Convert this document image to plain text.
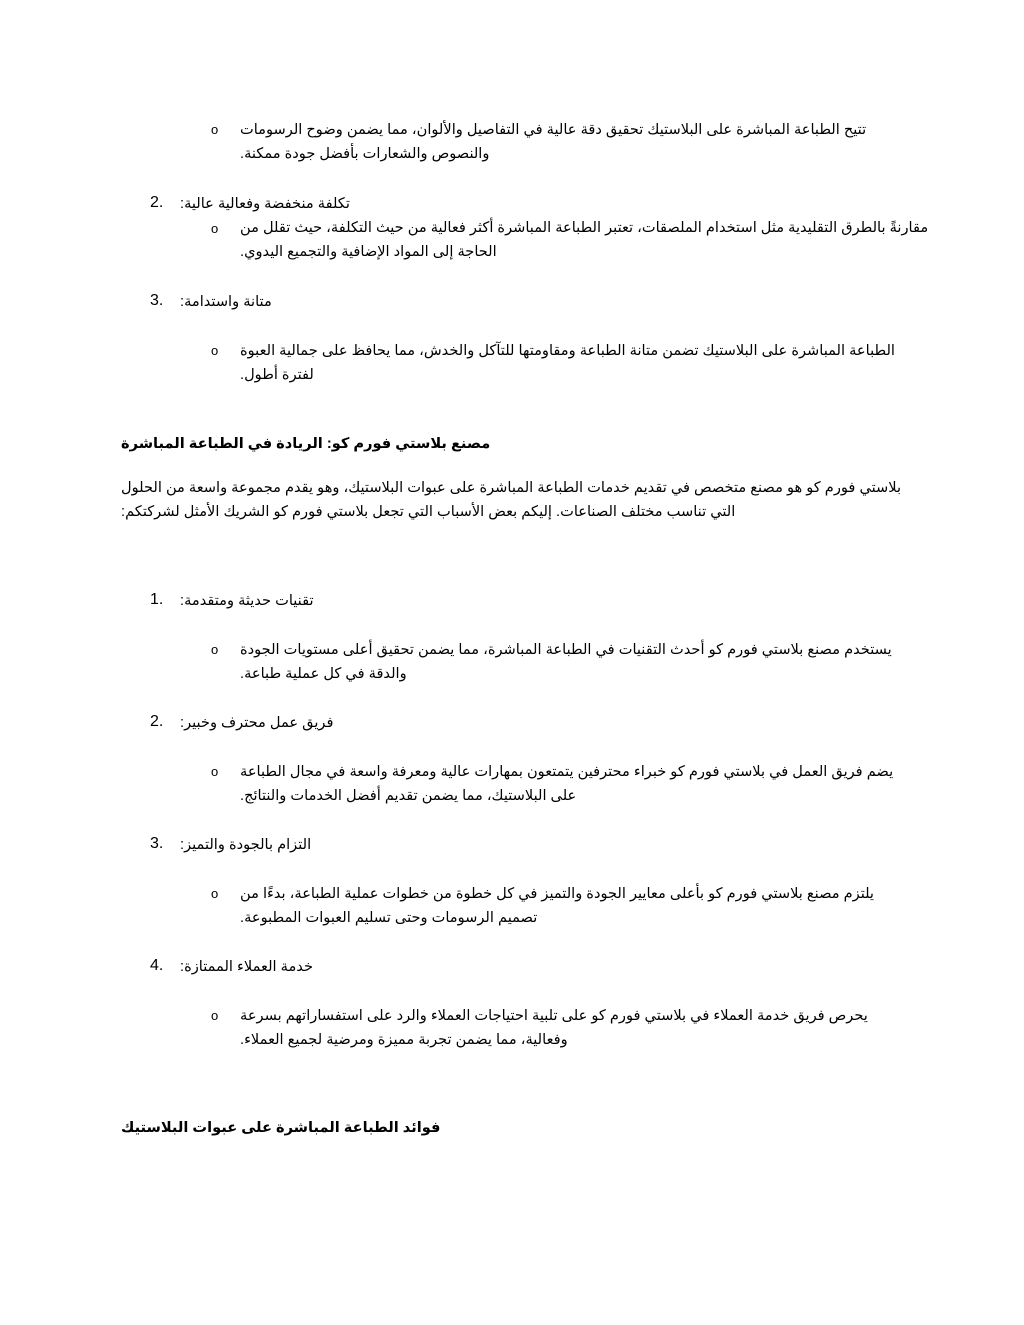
o تتيح الطباعة المباشرة على البلاستيك تحقيق دقة عالية في التفاصيل والألوان، مما يضمن وضوح الرسومات
.والنصوص والشعارات بأفضل جودة ممكنة
2. :تكلفة منخفضة وفعالية عالية
o مقارنةً بالطرق التقليدية مثل استخدام الملصقات، تعتبر الطباعة المباشرة أكثر فعالية من حيث التكلفة، حيث تقلل من
.الحاجة إلى المواد الإضافية والتجميع اليدوي
3. :متانة واستدامة
o الطباعة المباشرة على البلاستيك تضمن متانة الطباعة ومقاومتها للتآكل والخدش، مما يحافظ على جمالية العبوة
.لفترة أطول
مصنع بلاستي فورم كو: الريادة في الطباعة المباشرة
بلاستي فورم كو هو مصنع متخصص في تقديم خدمات الطباعة المباشرة على عبوات البلاستيك، وهو يقدم مجموعة واسعة من الحلول
:التي تناسب مختلف الصناعات. إليكم بعض الأسباب التي تجعل بلاستي فورم كو الشريك الأمثل لشركتكم
1. :تقنيات حديثة ومتقدمة
o يستخدم مصنع بلاستي فورم كو أحدث التقنيات في الطباعة المباشرة، مما يضمن تحقيق أعلى مستويات الجودة
.والدقة في كل عملية طباعة
2. :فريق عمل محترف وخبير
o يضم فريق العمل في بلاستي فورم كو خبراء محترفين يتمتعون بمهارات عالية ومعرفة واسعة في مجال الطباعة
.على البلاستيك، مما يضمن تقديم أفضل الخدمات والنتائج
3. :التزام بالجودة والتميز
o يلتزم مصنع بلاستي فورم كو بأعلى معايير الجودة والتميز في كل خطوة من خطوات عملية الطباعة، بدءًا من
.تصميم الرسومات وحتى تسليم العبوات المطبوعة
4. :خدمة العملاء الممتازة
o يحرص فريق خدمة العملاء في بلاستي فورم كو على تلبية احتياجات العملاء والرد على استفساراتهم بسرعة
.وفعالية، مما يضمن تجربة مميزة ومرضية لجميع العملاء
فوائد الطباعة المباشرة على عبوات البلاستيك
